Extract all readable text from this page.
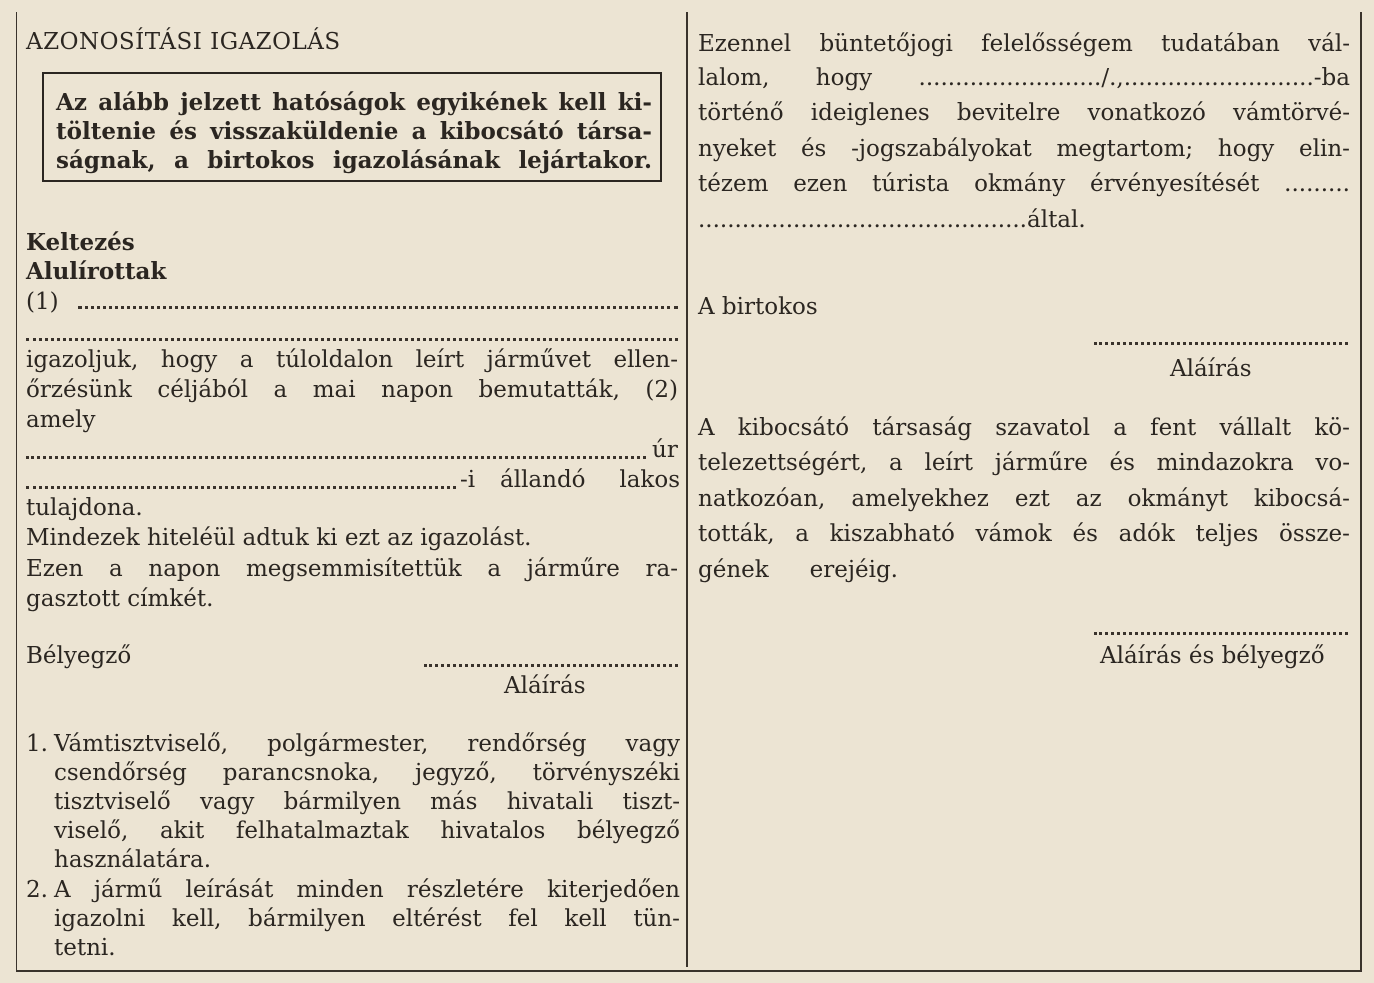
AZONOSÍTÁSI IGAZOLÁS
Az alább jelzett hatóságok egyikének kell ki-
töltenie és visszaküldenie a kibocsátó társa-
ságnak, a birtokos igazolásának lejártakor.
Keltezés
Alulírottak
(1)
igazoljuk, hogy a túloldalon leírt járművet ellen-
őrzésünk céljából a mai napon bemutatták, (2)
amely
úr
-i állandó lakos
tulajdona.
Mindezek hiteléül adtuk ki ezt az igazolást.
Ezen a napon megsemmisítettük a járműre ra-
gasztott címkét.
Bélyegző
Aláírás
1. Vámtisztviselő, polgármester, rendőrség vagy
csendőrség parancsnoka, jegyző, törvényszéki
tisztviselő vagy bármilyen más hivatali tiszt-
viselő, akit felhatalmaztak hivatalos bélyegző
használatára.
2. A jármű leírását minden részletére kiterjedően
igazolni kell, bármilyen eltérést fel kell tün-
tetni.
Ezennel büntetőjogi felelősségem tudatában vál-
lalom, hogy ........................./.,..........................-ba
történő ideiglenes bevitelre vonatkozó vámtörvé-
nyeket és -jogszabályokat megtartom; hogy elin-
tézem ezen túrista okmány érvényesítését .........
............................................. által.
A birtokos
Aláírás
A kibocsátó társaság szavatol a fent vállalt kö-
telezettségért, a leírt járműre és mindazokra vo-
natkozóan, amelyekhez ezt az okmányt kibocsá-
tották, a kiszabható vámok és adók teljes össze-
gének erejéig.
Aláírás és bélyegző
